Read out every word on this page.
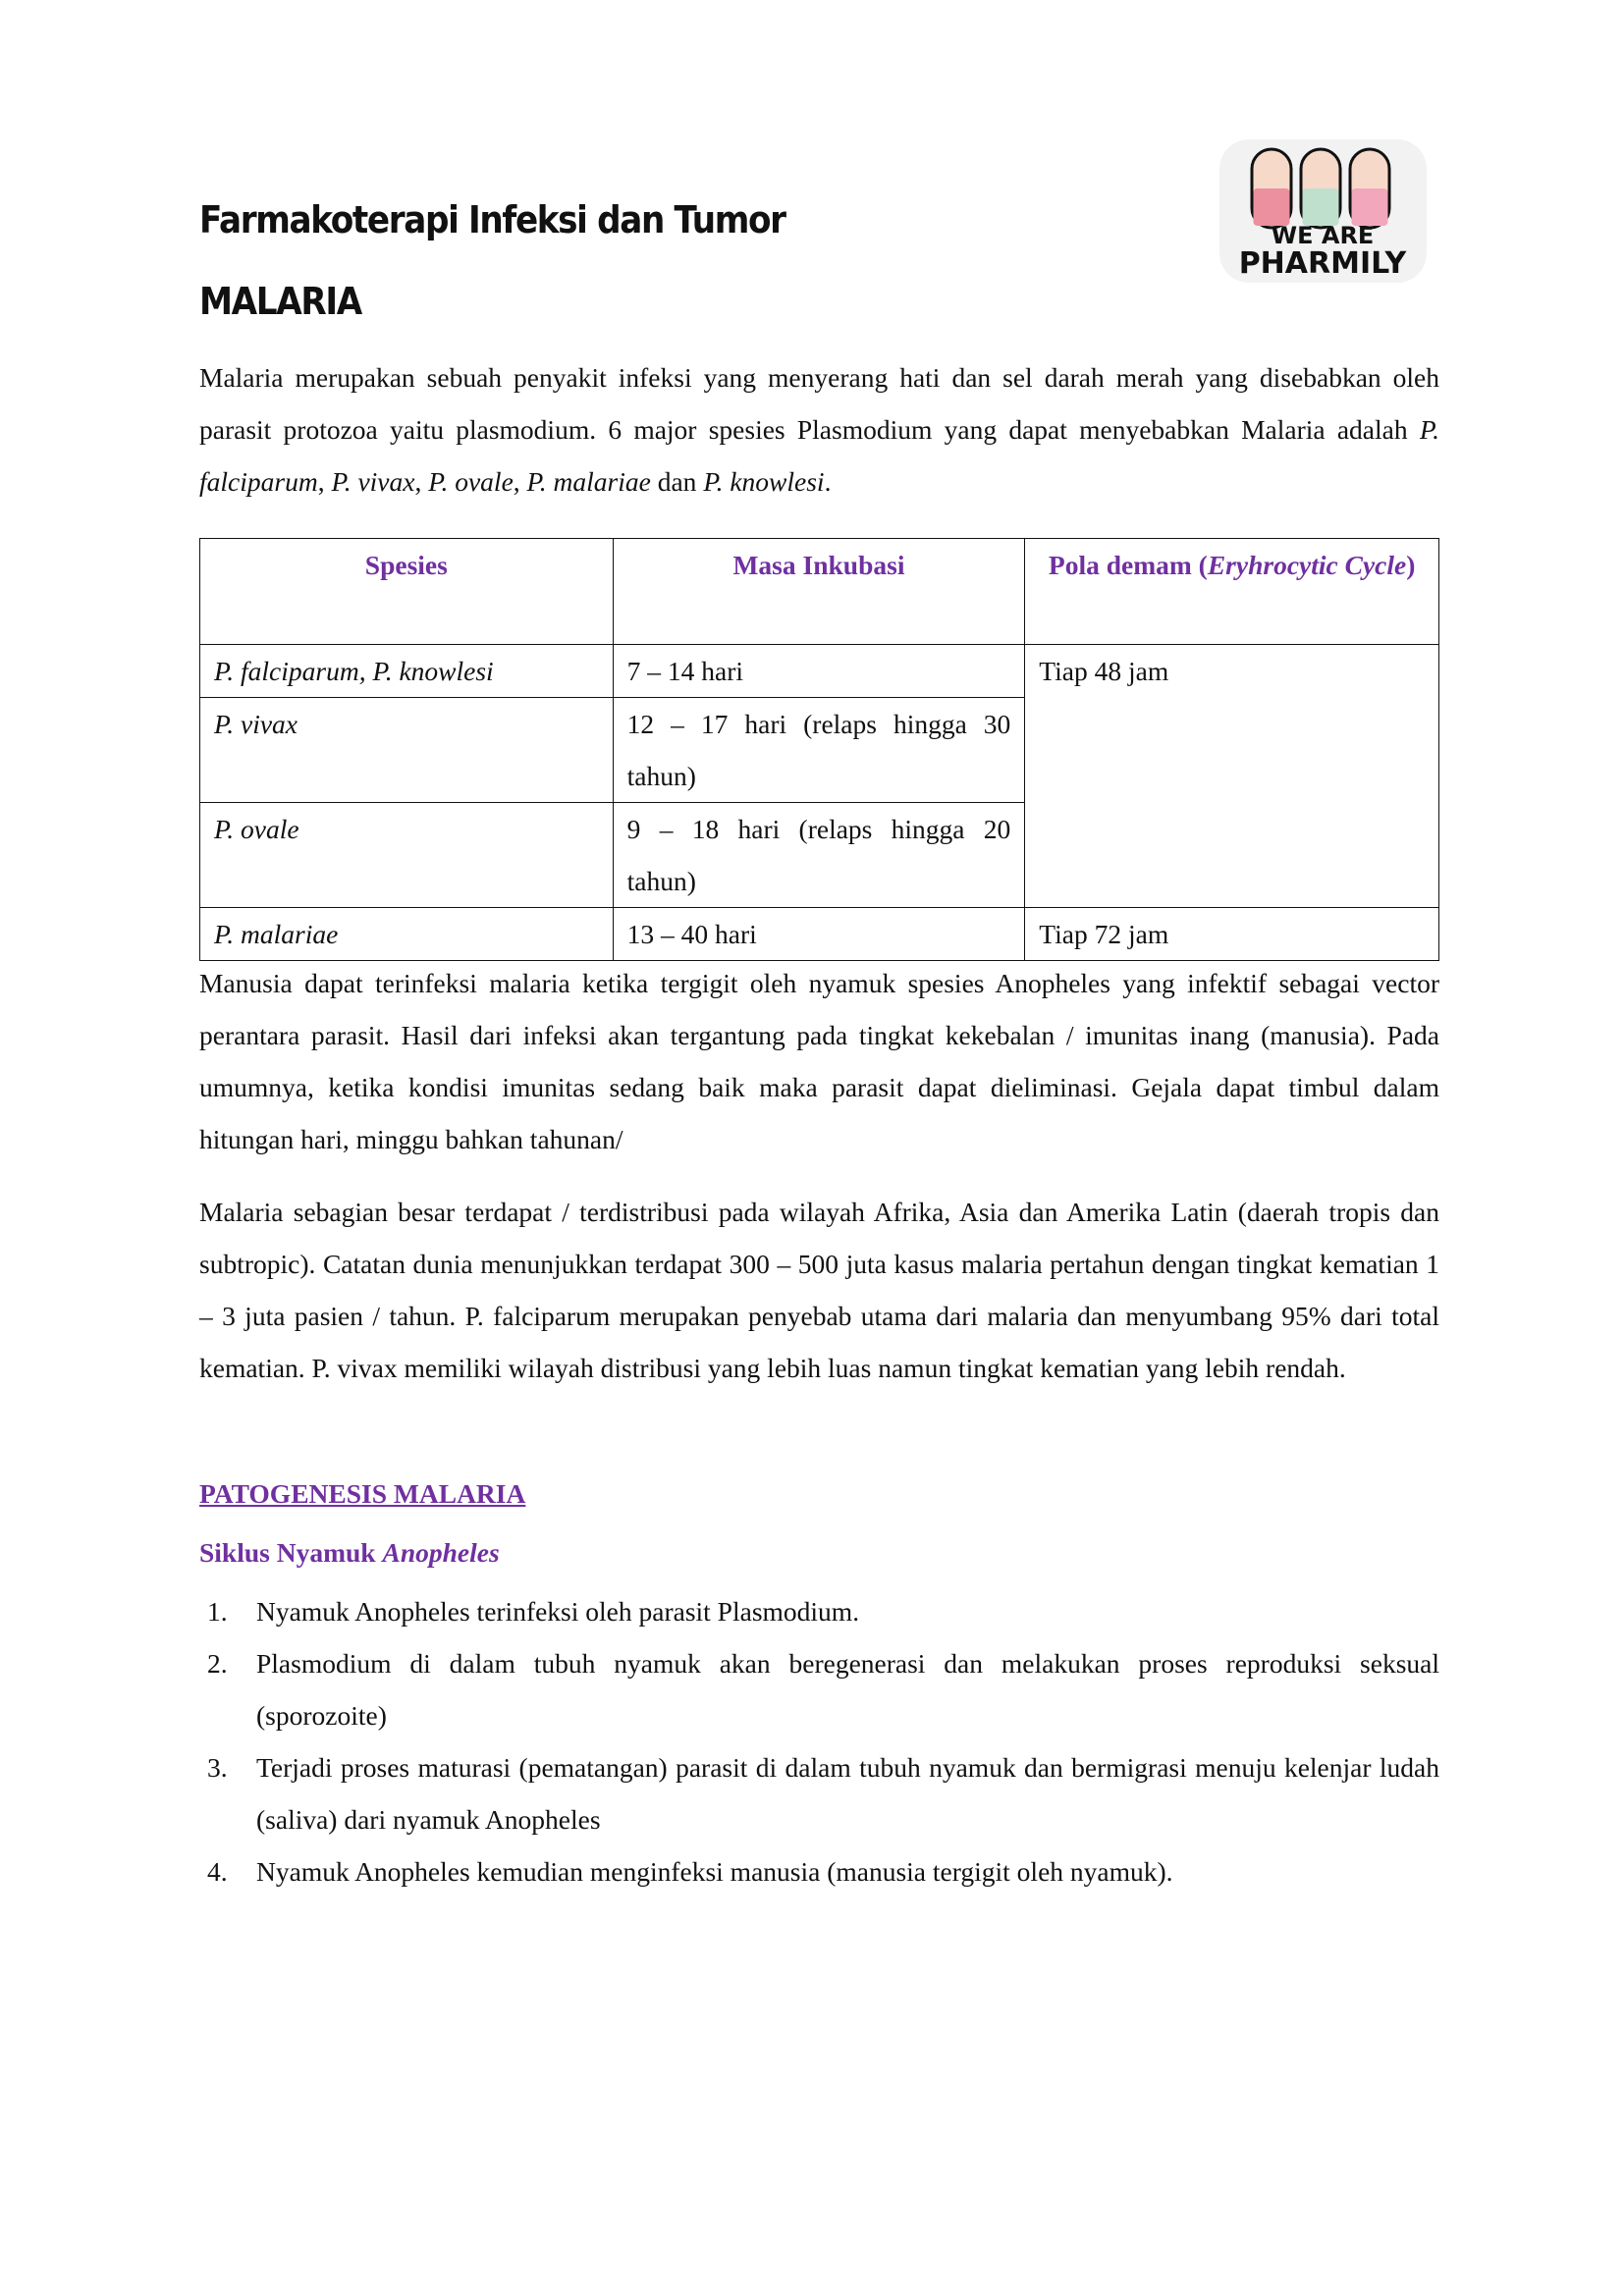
Farmakoterapi Infeksi dan Tumor
MALARIA
WE ARE
PHARMILY

Malaria merupakan sebuah penyakit infeksi yang menyerang hati dan sel darah merah yang disebabkan oleh parasit protozoa yaitu plasmodium. 6 major spesies Plasmodium yang dapat menyebabkan Malaria adalah P. falciparum, P. vivax, P. ovale, P. malariae dan P. knowlesi.

Spesies	Masa Inkubasi	Pola demam (Eryhrocytic Cycle)
P. falciparum, P. knowlesi	7 – 14 hari	Tiap 48 jam
P. vivax	12 – 17 hari (relaps hingga 30 tahun)	
P. ovale	9 – 18 hari (relaps hingga 20 tahun)	
P. malariae	13 – 40 hari	Tiap 72 jam

Manusia dapat terinfeksi malaria ketika tergigit oleh nyamuk spesies Anopheles yang infektif sebagai vector perantara parasit. Hasil dari infeksi akan tergantung pada tingkat kekebalan / imunitas inang (manusia). Pada umumnya, ketika kondisi imunitas sedang baik maka parasit dapat dieliminasi. Gejala dapat timbul dalam hitungan hari, minggu bahkan tahunan/

Malaria sebagian besar terdapat / terdistribusi pada wilayah Afrika, Asia dan Amerika Latin (daerah tropis dan subtropic). Catatan dunia menunjukkan terdapat 300 – 500 juta kasus malaria pertahun dengan tingkat kematian 1 – 3 juta pasien / tahun. P. falciparum merupakan penyebab utama dari malaria dan menyumbang 95% dari total kematian. P. vivax memiliki wilayah distribusi yang lebih luas namun tingkat kematian yang lebih rendah.

PATOGENESIS MALARIA

Siklus Nyamuk Anopheles

1. Nyamuk Anopheles terinfeksi oleh parasit Plasmodium.
2. Plasmodium di dalam tubuh nyamuk akan beregenerasi dan melakukan proses reproduksi seksual (sporozoite)
3. Terjadi proses maturasi (pematangan) parasit di dalam tubuh nyamuk dan bermigrasi menuju kelenjar ludah (saliva) dari nyamuk Anopheles
4. Nyamuk Anopheles kemudian menginfeksi manusia (manusia tergigit oleh nyamuk).
